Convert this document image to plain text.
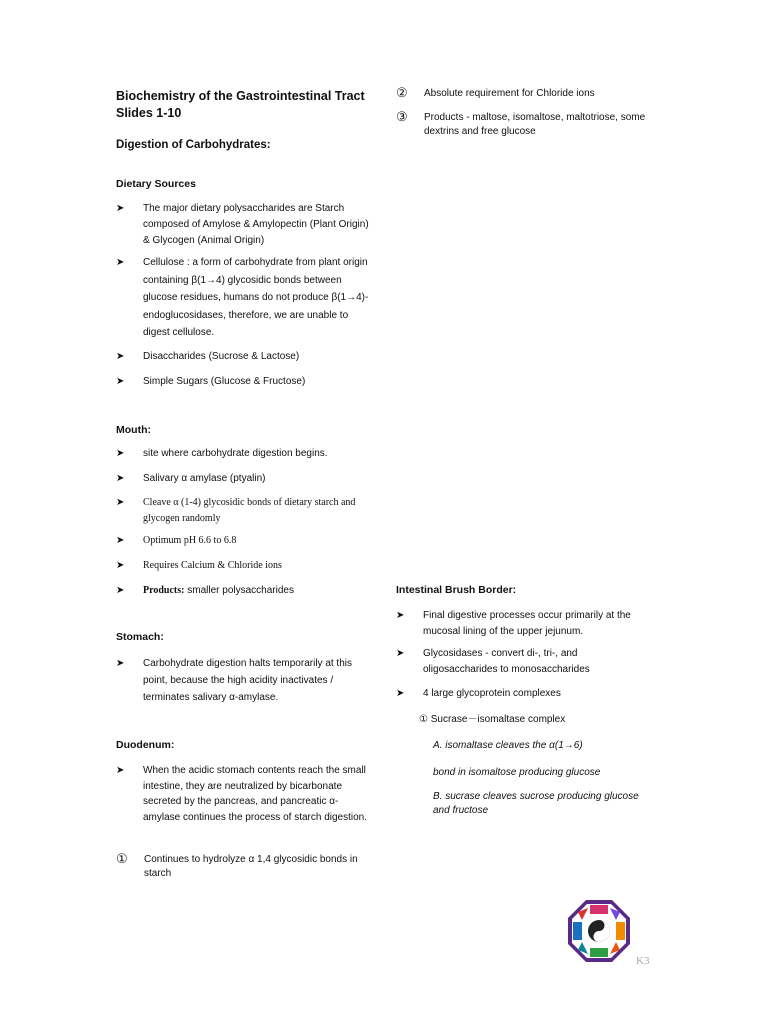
Biochemistry of the Gastrointestinal Tract
Slides 1-10
Digestion of Carbohydrates:
Dietary Sources
➤ The major dietary polysaccharides are Starch composed of Amylose & Amylopectin (Plant Origin) & Glycogen (Animal Origin)
➤ Cellulose : a form of carbohydrate from plant origin containing β(1→4) glycosidic bonds between glucose residues, humans do not produce β(1→4)-endoglucosidases, therefore, we are unable to digest cellulose.
➤ Disaccharides (Sucrose & Lactose)
➤ Simple Sugars (Glucose & Fructose)
Mouth:
➤ site where carbohydrate digestion begins.
➤ Salivary α amylase (ptyalin)
➤ Cleave α (1-4) glycosidic bonds of dietary starch and glycogen randomly
➤ Optimum pH 6.6 to 6.8
➤ Requires Calcium & Chloride ions
➤ Products: smaller polysaccharides
Stomach:
➤ Carbohydrate digestion halts temporarily at this point, because the high acidity inactivates / terminates salivary α-amylase.
Duodenum:
➤ When the acidic stomach contents reach the small intestine, they are neutralized by bicarbonate secreted by the pancreas, and pancreatic α-amylase continues the process of starch digestion.
① Continues to hydrolyze α 1,4 glycosidic bonds in starch
② Absolute requirement for Chloride ions
③ Products - maltose, isomaltose, maltotriose, some dextrins and free glucose
Intestinal Brush Border:
➤ Final digestive processes occur primarily at the mucosal lining of the upper jejunum.
➤ Glycosidases - convert di-, tri-, and oligosaccharides to monosaccharides
➤ 4 large glycoprotein complexes
① Sucrase－isomaltase complex
A. isomaltase cleaves the α(1→6)
bond in isomaltose producing glucose
B. sucrase cleaves sucrose producing glucose and fructose
K3
